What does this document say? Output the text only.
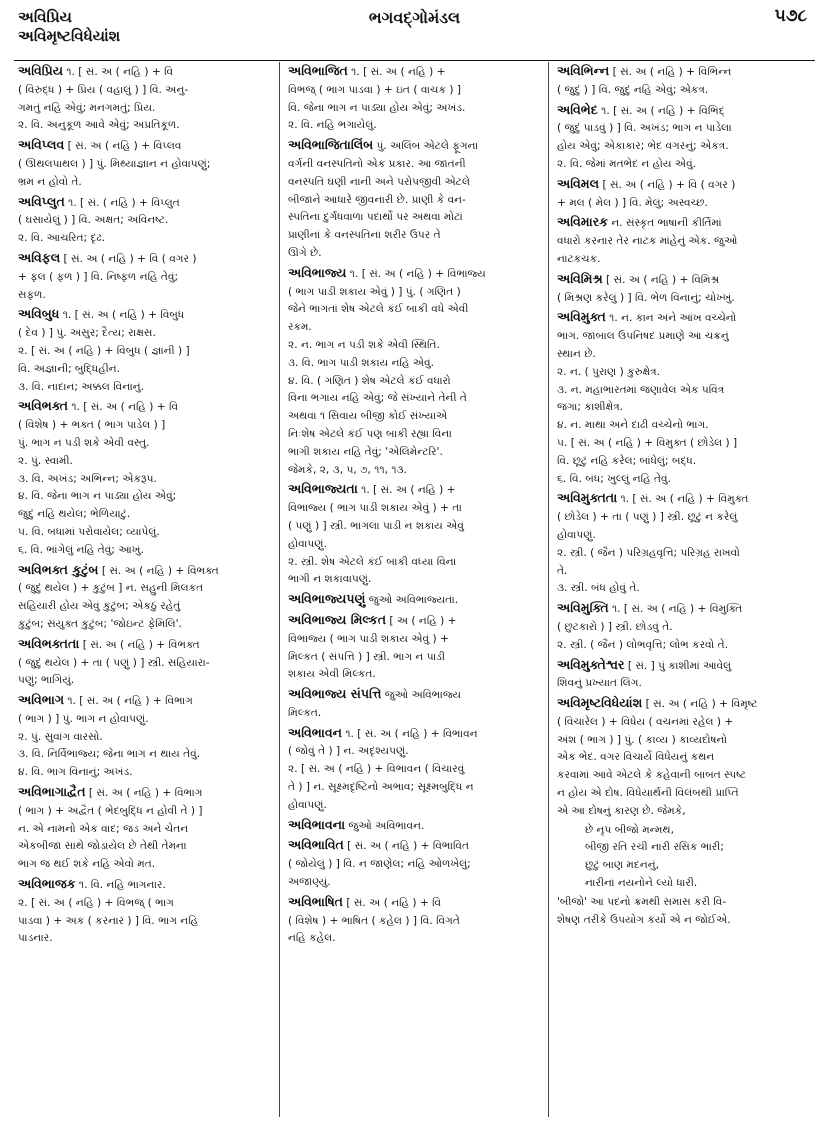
અવિપ્રિય
અવિમૃષ્ટવિધેયાંશ
ભગવદ્ગોમંડલ	૫૭૮
અવિપ્રિય ૧. [ સં. અ ( નહિ ) + વિ
( વિરુદ્ધ ) + પ્રિય ( વહાલું ) ] વિ. અનુ-
ગમતું નહિ એવું; મનગમતું; પ્રિય.
૨. વિ. અનુકૂળ આવે એવું; અપ્રતિકૂળ.
અવિપ્લવ [ સં. અ ( નહિ ) + વિપ્લવ
( ઊથલપાથલ ) ] પું. મિથ્યાજ્ઞાન ન હોવાપણું;
ભ્રમ ન હોવો તે.
અવિપ્લુત ૧. [ સં. ( નહિ ) + વિપ્લુત
( ઘસાયેલું ) ] વિ. અક્ષત; અવિનષ્ટ.
૨. વિ. આચરિત; દૃઢ.
અવિફલ [ સં. અ ( નહિ ) + વિ ( વગર )
+ ફલ ( ફળ ) ] વિ. નિષ્ફળ નહિ તેવું;
સફળ.
અવિબુધ ૧. [ સં. અ ( નહિ ) + વિબુધ
( દેવ ) ] પું. અસુર; દૈત્ય; રાક્ષસ.
૨. [ સં. અ ( નહિ ) + વિબુધ ( જ્ઞાની ) ]
વિ. અજ્ઞાની; બુદ્ધિહીન.
૩. વિ. નાદાન; અક્કલ વિનાનું.
અવિભક્ત ૧. [ સં. અ ( નહિ ) + વિ
( વિશેષ ) + ભક્ત ( ભાગ પાડેલ ) ]
પું. ભાગ ન પડી શકે એવી વસ્તુ.
૨. પું. સ્વામી.
૩. વિ. અખંડ; અભિન્ન; એકરૂપ.
૪. વિ. જેના ભાગ ન પાડ્યા હોય એવું;
જુદું નહિ થયેલ; ભેળિયાટું.
૫. વિ. બધામાં પરોવાયેલ; વ્યાપેલું.
૬. વિ. ભાંગેલું નહિ તેવું; આખું.
અવિભક્ત કુટુંબ [ સં. અ ( નહિ ) + વિભક્ત
( જુદું થયેલ ) + કુટુંબ ] ન. સહુની મિલકત
સહિયારી હોય એવું કુટુંબ; એકઠું રહેતું
કુટુંબ; સંયુક્ત કુટુંબ; 'જોઇન્ટ ફેમિલિ'.
અવિભક્તતા [ સં. અ ( નહિ ) + વિભક્ત
( જુદું થયેલ ) + તા ( પણું ) ] સ્ત્રી. સહિયારા-
પણું; ભાગિયું.
અવિભાગ ૧. [ સં. અ ( નહિ ) + વિભાગ
( ભાગ ) ] પું. ભાગ ન હોવાપણું.
૨. પું. સુવાંગ વારસો.
૩. વિ. નિર્વિભાજ્ય; જેના ભાગ ન થાય તેવું.
૪. વિ. ભાગ વિનાનું; અખંડ.
અવિભાગાદ્વૈત [ સં. અ ( નહિ ) + વિભાગ
( ભાગ ) + અદ્વૈત ( ભેદબુદ્ધિ ન હોવી તે ) ]
ન. એ નામનો એક વાદ; જડ અને ચેતન
એકબીજા સાથે જોડાયેલ છે તેથી તેમના
ભાગ જ થઈ શકે નહિ એવો મત.
અવિભાજક ૧. વિ. નહિ ભાગનાર.
૨. [ સં. અ ( નહિ ) + વિભજ્ ( ભાગ
પાડવા ) + અક ( કરનાર ) ] વિ. ભાગ નહિ
પાડનાર.
અવિભાજિત ૧. [ સં. અ ( નહિ ) +
વિભજ્ ( ભાગ પાડવા ) + ઇત ( વાચક ) ]
વિ. જેના ભાગ ન પાડ્યા હોય એવું; અખંડ.
૨. વિ. નહિ ભગાયેલું.
અવિભાજિતાલિંબ પું. અલિંબ એટલે ફૂગના
વર્ગની વનસ્પતિનો એક પ્રકાર. આ જાતની
વનસ્પતિ ઘણી નાની અને પરોપજીવી એટલે
બીજાને આધારે જીવનારી છે. પ્રાણી કે વન-
સ્પતિના દુર્ગંધવાળા પદાર્થો પર અથવા મોટાં
પ્રાણીનાં કે વનસ્પતિનાં શરીર ઉપર તે
ઊગે છે.
અવિભાજ્ય ૧. [ સં. અ ( નહિ ) + વિભાજ્ય
( ભાગ પાડી શકાય એવું ) ] પું. ( ગણિત )
જેને ભાગતાં શેષ એટલે કંઈ બાકી વધે એવી
રકમ.
૨. ન. ભાગ ન પડી શકે એવી સ્થિતિ.
૩. વિ. ભાગ પાડી શકાય નહિ એવું.
૪. વિ. ( ગણિત ) શેષ એટલે કંઈ વધારો
વિના ભગાય નહિ એવું; જે સંખ્યાને તેની તે
અથવા ૧ સિવાય બીજી કોઈ સંખ્યાએ
નિઃશેષ એટલે કંઈ પણ બાકી રહ્યા વિના
ભાગી શકાય નહિ તેવું; 'એલિમેન્ટરિ'.
જેમકે, ૨, ૩, ૫, ૭, ૧૧, ૧૩.
અવિભાજ્યતા ૧. [ સં. અ ( નહિ ) +
વિભાજ્ય ( ભાગ પાડી શકાય એવું ) + તા
( પણું ) ] સ્ત્રી. ભાગલા પાડી ન શકાય એવું
હોવાપણું.
૨. સ્ત્રી. શેષ એટલે કંઈ બાકી વધ્યા વિના
ભાગી ન શકાવાપણું.
અવિભાજ્યપણું જુઓ અવિભાજ્યતા.
અવિભાજ્ય મિલ્કત [ અ ( નહિ ) +
વિભાજ્ય ( ભાગ પાડી શકાય એવું ) +
મિલ્કત ( સંપત્તિ ) ] સ્ત્રી. ભાગ ન પાડી
શકાય એવી મિલ્કત.
અવિભાજ્ય સંપત્તિ જુઓ અવિભાજ્ય
મિલ્કત.
અવિભાવન ૧. [ સં. અ ( નહિ ) + વિભાવન
( જોવું તે ) ] ન. અદૃશ્યપણું.
૨. [ સં. અ ( નહિ ) + વિભાવન ( વિચારવું
તે ) ] ન. સૂક્ષ્મદૃષ્ટિનો અભાવ; સૂક્ષ્મબુદ્ધિ ન
હોવાપણું.
અવિભાવના જુઓ અવિભાવન.
અવિભાવિત [ સં. અ ( નહિ ) + વિભાવિત
( જોયેલું ) ] વિ. ન જાણેલ; નહિ ઓળખેલું;
અજાણ્યું.
અવિભાષિત [ સં. અ ( નહિ ) + વિ
( વિશેષ ) + ભાષિત ( કહેલ ) ] વિ. વિગતે
નહિ કહેલ.
અવિભિન્ન [ સં. અ ( નહિ ) + વિભિન્ન
( જુદું ) ] વિ. જુદું નહિ એવું; એકત્ર.
અવિભેદ ૧. [ સં. અ ( નહિ ) + વિભિદ્
( જુદું પાડવું ) ] વિ. અખંડ; ભાગ ન પાડેલા
હોય એવું; એકાકાર; ભેદ વગરનું; એકત્ર.
૨. વિ. જેમાં મતભેદ ન હોય એવું.
અવિમલ [ સં. અ ( નહિ ) + વિ ( વગર )
+ મલ ( મેલ ) ] વિ. મેલું; અસ્વચ્છ.
અવિમારક ન. સંસ્કૃત ભાષાની કીર્તિમાં
વધારો કરનાર તેર નાટક માંહેનું એક. જુઓ
નાટકચક.
અવિમિશ્ર [ સં. અ ( નહિ ) + વિમિશ્ર
( મિશ્રણ કરેલું ) ] વિ. ભેળ વિનાનું; ચોખ્ખું.
અવિમુક્ત ૧. ન. કાન અને આંખ વચ્ચેનો
ભાગ. જાબાલ ઉપનિષદ પ્રમાણે આ ચક્રનું
સ્થાન છે.
૨. ન. ( પુરાણ ) કુરુક્ષેત્ર.
૩. ન. મહાભારતમાં જણાવેલ એક પવિત્ર
જગા; કાશીક્ષેત્ર.
૪. ન. માથા અને દાઢી વચ્ચેનો ભાગ.
૫. [ સં. અ ( નહિ ) + વિમુક્ત ( છોડેલ ) ]
વિ. છૂટું નહિ કરેલ; બાંધેલું; બદ્ધ.
૬. વિ. બંધ; ખુલ્લું નહિ તેવું.
અવિમુક્તતા ૧. [ સં. અ ( નહિ ) + વિમુક્ત
( છોડેલ ) + તા ( પણું ) ] સ્ત્રી. છૂટું ન કરેલું
હોવાપણું.
૨. સ્ત્રી. ( જૈન ) પરિગ્રહવૃત્તિ; પરિગ્રહ રાખવો
તે.
૩. સ્ત્રી. બંધ હોવું તે.
અવિમુક્તિ ૧. [ સં. અ ( નહિ ) + વિમુક્તિ
( છુટકારો ) ] સ્ત્રી. છોડવું તે.
૨. સ્ત્રી. ( જૈન ) લોભવૃત્તિ; લોભ કરવો તે.
અવિમુક્તેશ્વર [ સં. ] પું કાશીમાં આવેલું
શિવનું પ્રખ્યાત લિંગ.
અવિમૃષ્ટવિધેયાંશ [ સં. અ ( નહિ ) + વિમૃષ્ટ
( વિચારેલ ) + વિધેય ( વચનમાં રહેલ ) +
અંશ ( ભાગ ) ] પું. ( કાવ્ય ) કાવ્યદોષનો
એક ભેદ. વગર વિચાર્યે વિધેયનું કથન
કરવામાં આવે એટલે કે કહેવાની બાબત સ્પષ્ટ
ન હોય એ દોષ. વિધેયાર્થની વિલંબથી પ્રાપ્તિ
એ આ દોષનું કારણ છે. જેમકે,
છે નૃપ બીજો મન્મથ,
બીજી રતિ રચી નારી રસિક ભારી;
છુટું બાણ મદનનું,
નારીનાં નયનોને લ્યો ધારી.
'બીજો' આ પદનો ક્રમથી સમાસ કરી વિ-
શેષણ તરીકે ઉપયોગ કર્યો એ ન જોઈએ.
